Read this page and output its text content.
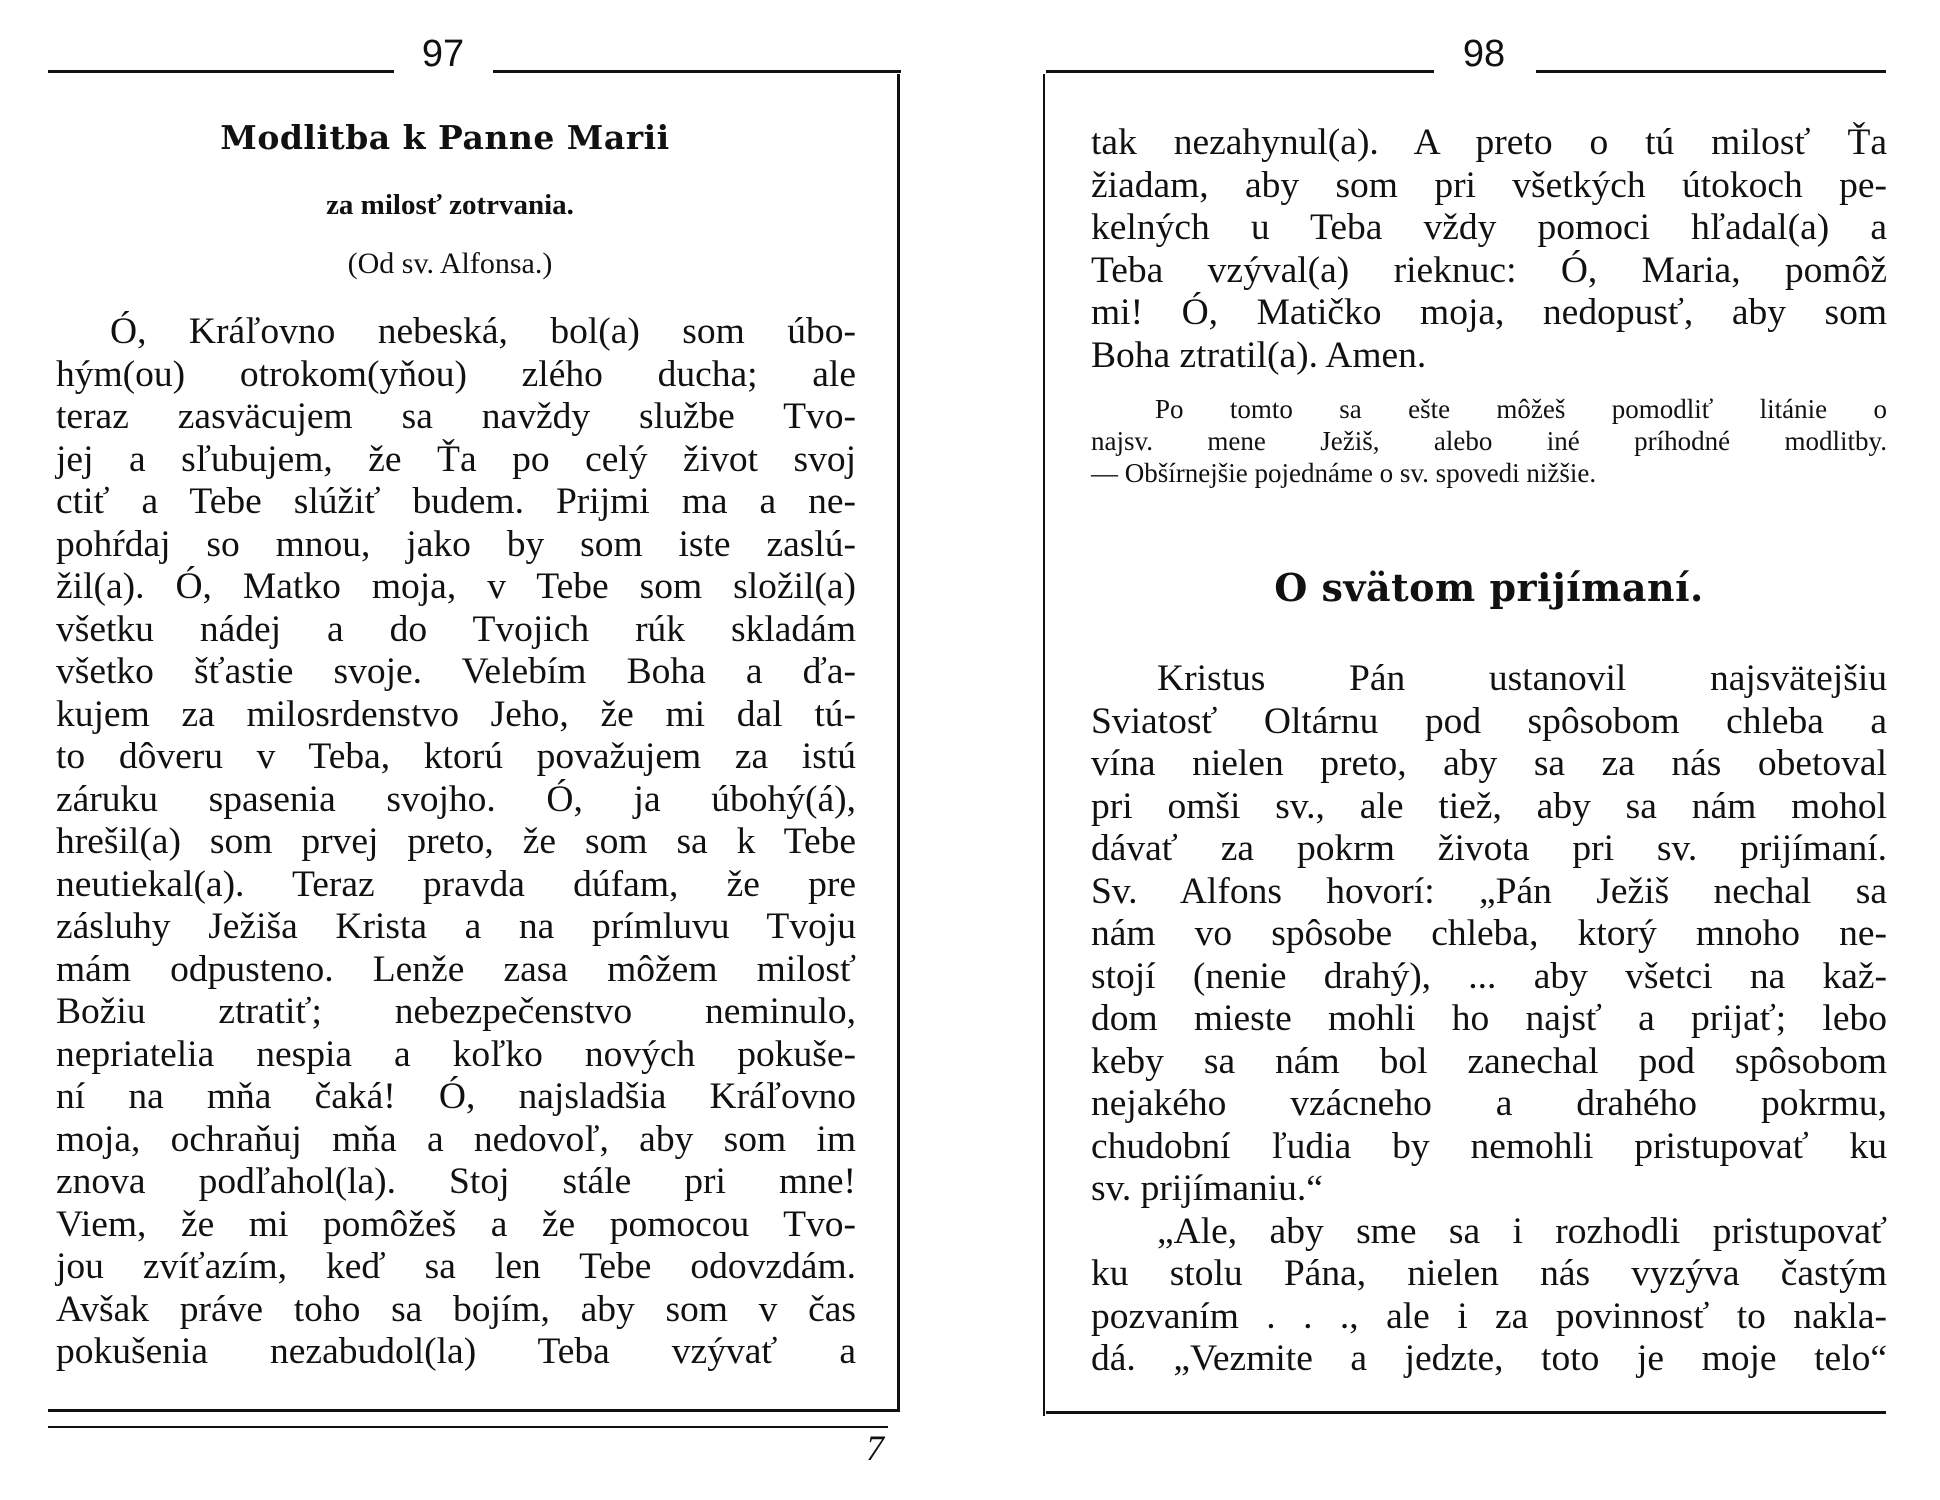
97
7
Modlitba k Panne Marii
za milosť zotrvania.
(Od sv. Alfonsa.)
Ó, Kráľovno nebeská, bol(a) som úbo-
hým(ou) otrokom(yňou) zlého ducha; ale
teraz zasväcujem sa navždy službe Tvo-
jej a sľubujem, že Ťa po celý život svoj
ctiť a Tebe slúžiť budem. Prijmi ma a ne-
pohŕdaj so mnou, jako by som iste zaslú-
žil(a). Ó, Matko moja, v Tebe som složil(a)
všetku nádej a do Tvojich rúk skladám
všetko šťastie svoje. Velebím Boha a ďa-
kujem za milosrdenstvo Jeho, že mi dal tú-
to dôveru v Teba, ktorú považujem za istú
záruku spasenia svojho. Ó, ja úbohý(á),
hrešil(a) som prvej preto, že som sa k Tebe
neutiekal(a). Teraz pravda dúfam, že pre
zásluhy Ježiša Krista a na prímluvu Tvoju
mám odpusteno. Lenže zasa môžem milosť
Božiu ztratiť; nebezpečenstvo neminulo,
nepriatelia nespia a koľko nových pokuše-
ní na mňa čaká! Ó, najsladšia Kráľovno
moja, ochraňuj mňa a nedovoľ, aby som im
znova podľahol(la). Stoj stále pri mne!
Viem, že mi pomôžeš a že pomocou Tvo-
jou zvíťazím, keď sa len Tebe odovzdám.
Avšak práve toho sa bojím, aby som v čas
pokušenia nezabudol(la) Teba vzývať a
98
tak nezahynul(a). A preto o tú milosť Ťa
žiadam, aby som pri všetkých útokoch pe-
kelných u Teba vždy pomoci hľadal(a) a
Teba vzýval(a) rieknuc: Ó, Maria, pomôž
mi! Ó, Matičko moja, nedopusť, aby som
Boha ztratil(a). Amen.
Po tomto sa ešte môžeš pomodliť litánie o
najsv. mene Ježiš, alebo iné príhodné modlitby.
— Obšírnejšie pojednáme o sv. spovedi nižšie.
O svätom prijímaní.
Kristus Pán ustanovil najsvätejšiu
Sviatosť Oltárnu pod spôsobom chleba a
vína nielen preto, aby sa za nás obetoval
pri omši sv., ale tiež, aby sa nám mohol
dávať za pokrm života pri sv. prijímaní.
Sv. Alfons hovorí: „Pán Ježiš nechal sa
nám vo spôsobe chleba, ktorý mnoho ne-
stojí (nenie drahý), ... aby všetci na kaž-
dom mieste mohli ho najsť a prijať; lebo
keby sa nám bol zanechal pod spôsobom
nejakého vzácneho a drahého pokrmu,
chudobní ľudia by nemohli pristupovať ku
sv. prijímaniu.“
„Ale, aby sme sa i rozhodli pristupovať
ku stolu Pána, nielen nás vyzýva častým
pozvaním . . ., ale i za povinnosť to nakla-
dá. „Vezmite a jedzte, toto je moje telo“
